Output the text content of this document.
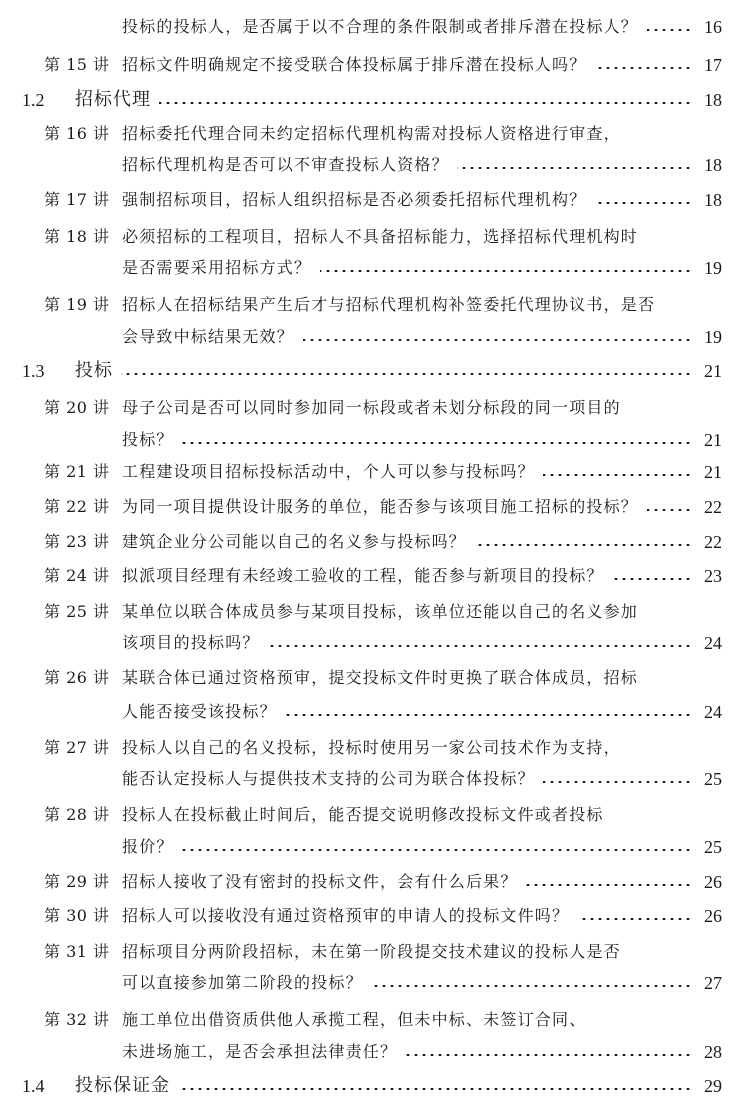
投标的投标人，是否属于以不合理的条件限制或者排斥潜在投标人？	16
第 15 讲 招标文件明确规定不接受联合体投标属于排斥潜在投标人吗？	17
1.2 招标代理	18
第 16 讲 招标委托代理合同未约定招标代理机构需对投标人资格进行审查，
招标代理机构是否可以不审查投标人资格？	18
第 17 讲 强制招标项目，招标人组织招标是否必须委托招标代理机构？	18
第 18 讲 必须招标的工程项目，招标人不具备招标能力，选择招标代理机构时
是否需要采用招标方式？	19
第 19 讲 招标人在招标结果产生后才与招标代理机构补签委托代理协议书，是否
会导致中标结果无效？	19
1.3 投标	21
第 20 讲 母子公司是否可以同时参加同一标段或者未划分标段的同一项目的
投标？	21
第 21 讲 工程建设项目招标投标活动中，个人可以参与投标吗？	21
第 22 讲 为同一项目提供设计服务的单位，能否参与该项目施工招标的投标？	22
第 23 讲 建筑企业分公司能以自己的名义参与投标吗？	22
第 24 讲 拟派项目经理有未经竣工验收的工程，能否参与新项目的投标？	23
第 25 讲 某单位以联合体成员参与某项目投标，该单位还能以自己的名义参加
该项目的投标吗？	24
第 26 讲 某联合体已通过资格预审，提交投标文件时更换了联合体成员，招标
人能否接受该投标？	24
第 27 讲 投标人以自己的名义投标，投标时使用另一家公司技术作为支持，
能否认定投标人与提供技术支持的公司为联合体投标？	25
第 28 讲 投标人在投标截止时间后，能否提交说明修改投标文件或者投标
报价？	25
第 29 讲 招标人接收了没有密封的投标文件，会有什么后果？	26
第 30 讲 招标人可以接收没有通过资格预审的申请人的投标文件吗？	26
第 31 讲 招标项目分两阶段招标，未在第一阶段提交技术建议的投标人是否
可以直接参加第二阶段的投标？	27
第 32 讲 施工单位出借资质供他人承揽工程，但未中标、未签订合同、
未进场施工，是否会承担法律责任？	28
1.4 投标保证金	29
